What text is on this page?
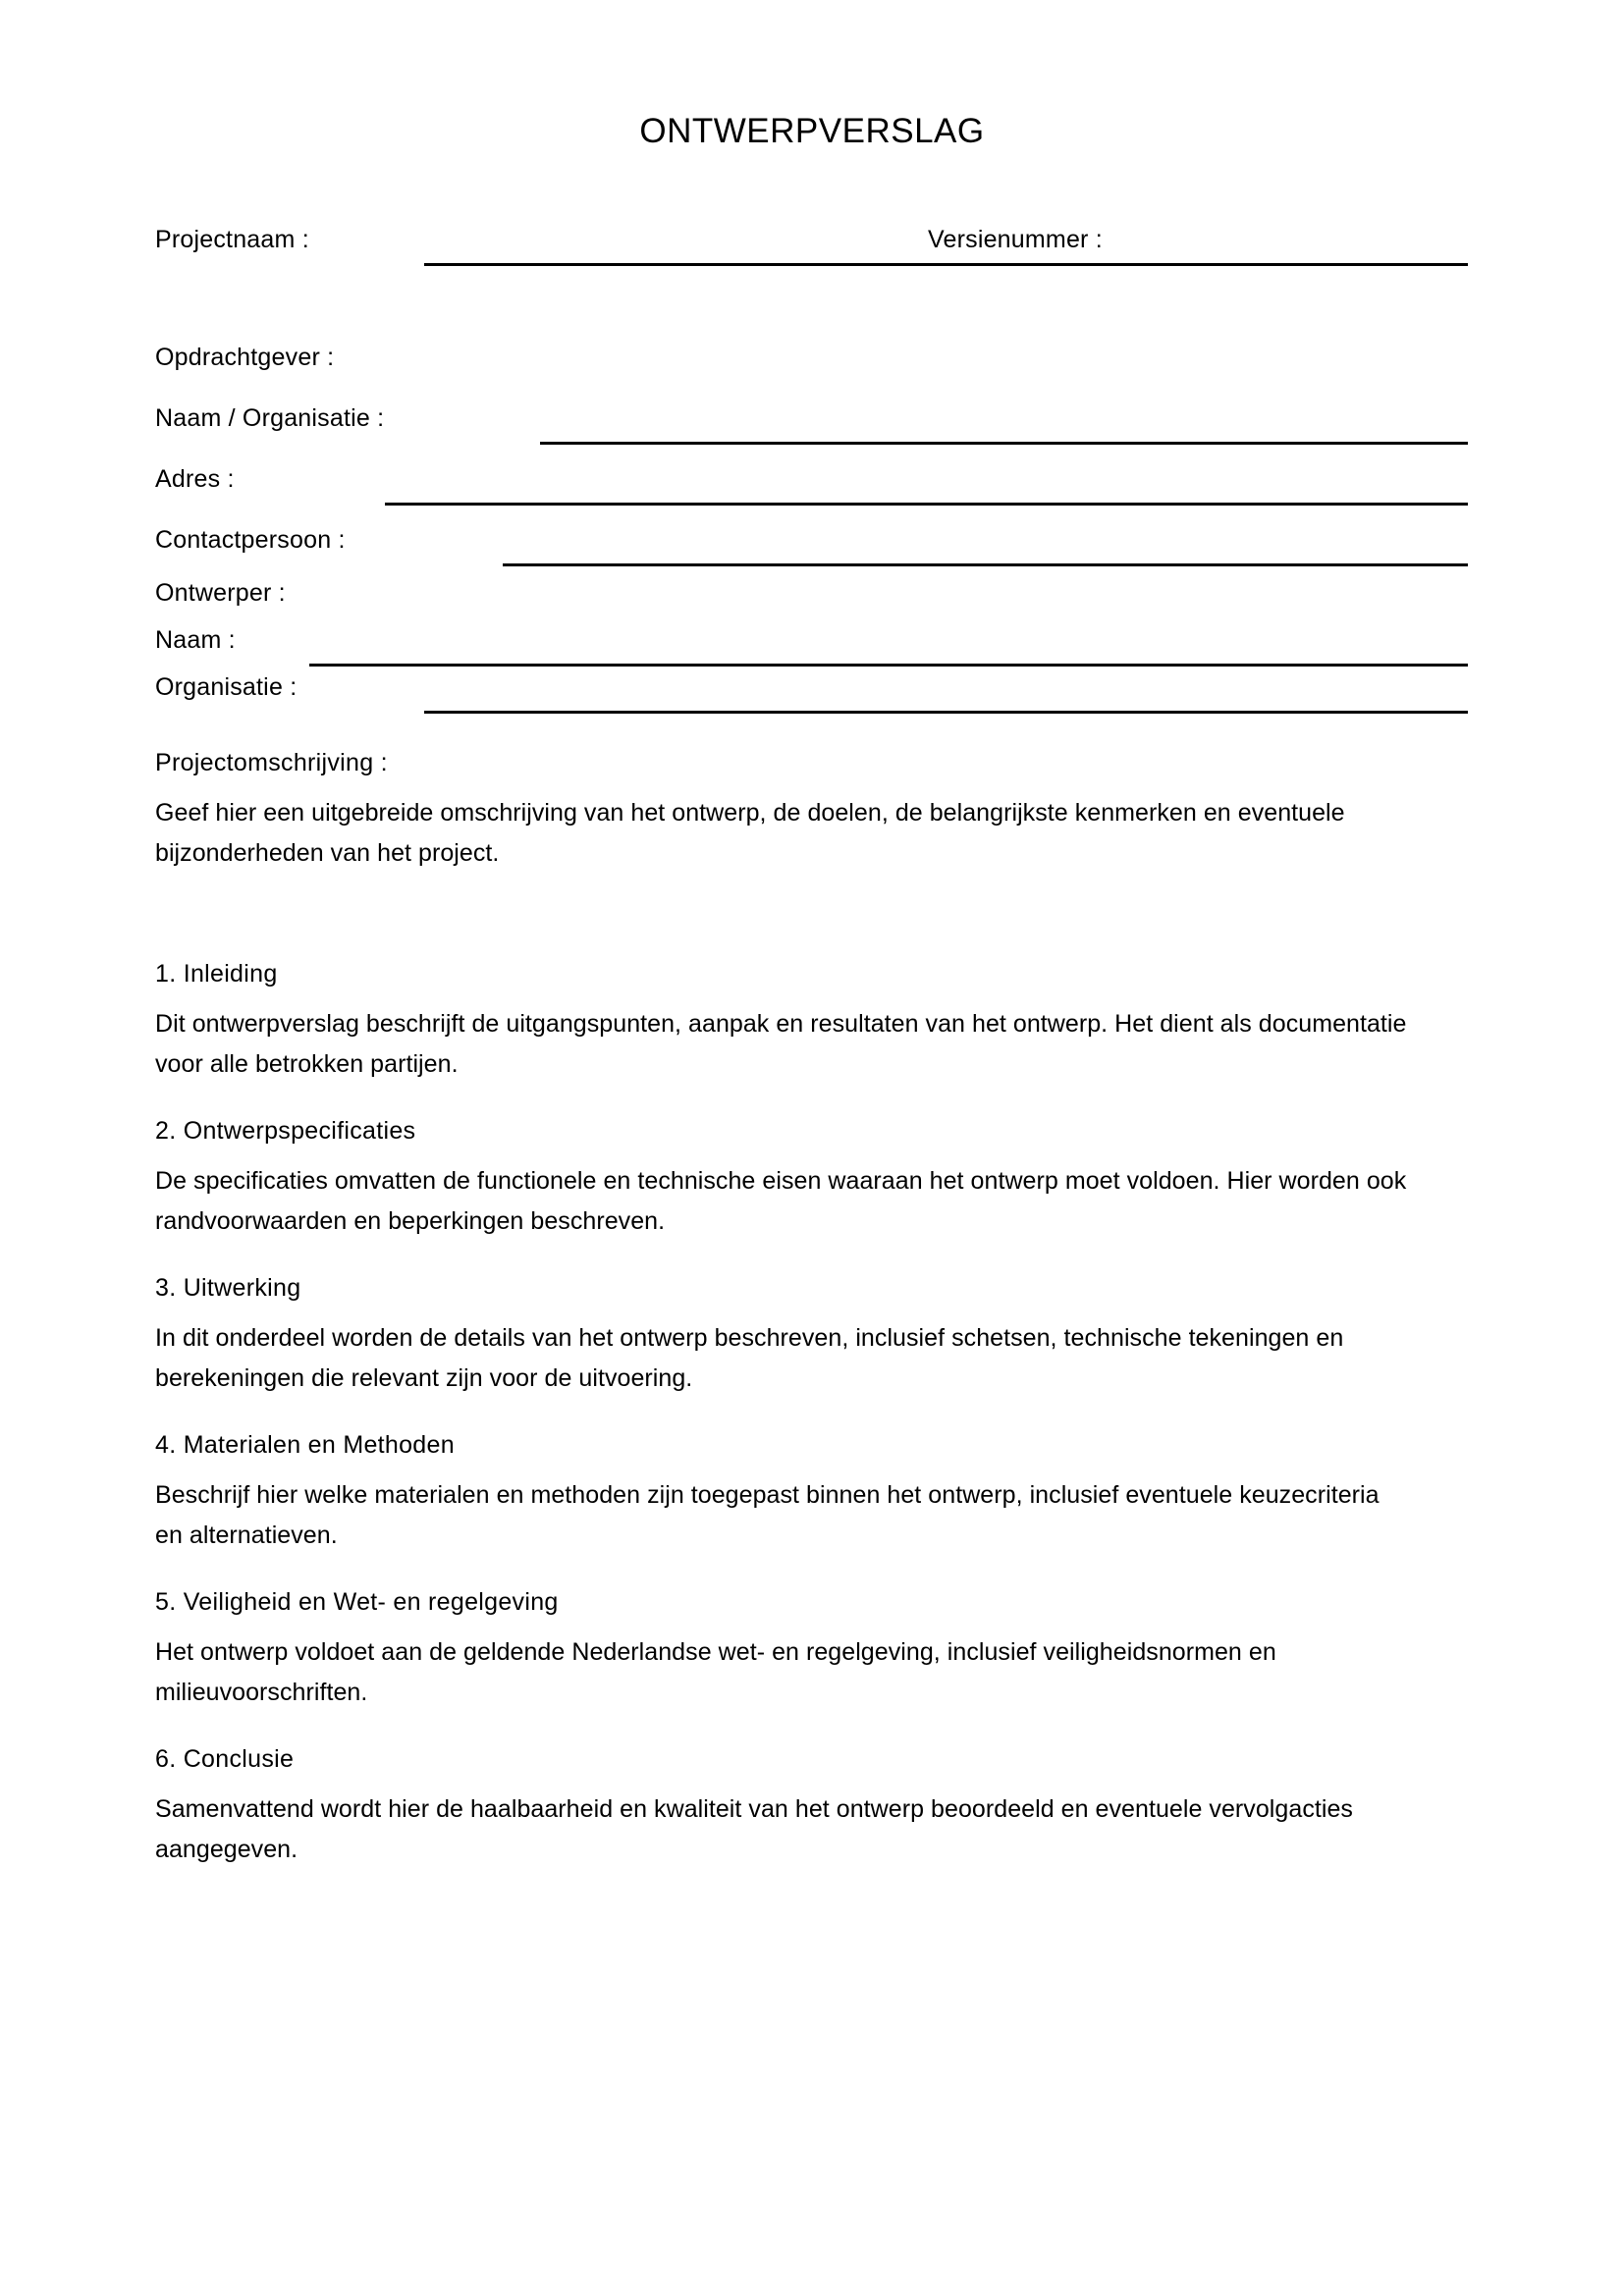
ONTWERPVERSLAG
Projectnaam :	Versienummer :
Opdrachtgever :
Naam / Organisatie :
Adres :
Contactpersoon :
Ontwerper :
Naam :
Organisatie :

Projectomschrijving :

Geef hier een uitgebreide omschrijving van het ontwerp, de doelen, de belangrijkste kenmerken en eventuele bijzonderheden van het project.

1. Inleiding

Dit ontwerpverslag beschrijft de uitgangspunten, aanpak en resultaten van het ontwerp. Het dient als documentatie voor alle betrokken partijen.

2. Ontwerpspecificaties

De specificaties omvatten de functionele en technische eisen waaraan het ontwerp moet voldoen. Hier worden ook randvoorwaarden en beperkingen beschreven.

3. Uitwerking

In dit onderdeel worden de details van het ontwerp beschreven, inclusief schetsen, technische tekeningen en berekeningen die relevant zijn voor de uitvoering.

4. Materialen en Methoden

Beschrijf hier welke materialen en methoden zijn toegepast binnen het ontwerp, inclusief eventuele keuzecriteria en alternatieven.

5. Veiligheid en Wet- en regelgeving

Het ontwerp voldoet aan de geldende Nederlandse wet- en regelgeving, inclusief veiligheidsnormen en milieuvoorschriften.

6. Conclusie

Samenvattend wordt hier de haalbaarheid en kwaliteit van het ontwerp beoordeeld en eventuele vervolgacties aangegeven.
